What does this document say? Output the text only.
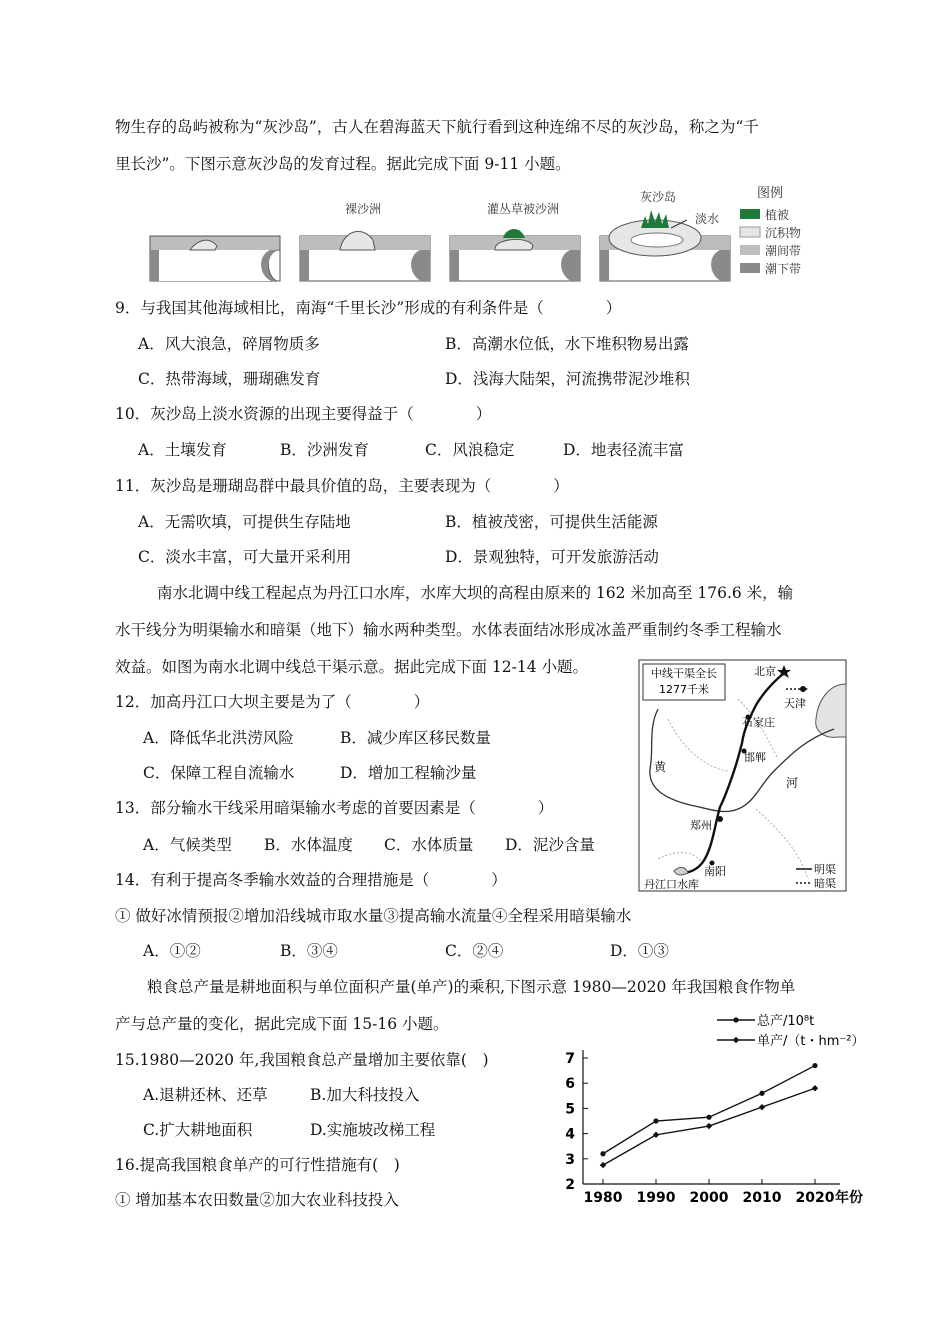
物生存的岛屿被称为“灰沙岛”，古人在碧海蓝天下航行看到这种连绵不尽的灰沙岛，称之为“千
里长沙”。下图示意灰沙岛的发育过程。据此完成下面 9-11 小题。
裸沙洲	灌丛草被沙洲
灰沙岛
淡水
图例
植被
沉积物
潮间带
潮下带
9．与我国其他海域相比，南海“千里长沙”形成的有利条件是（　　　　）
A．风大浪急，碎屑物质多	B．高潮水位低，水下堆积物易出露
C．热带海域，珊瑚礁发育	D．浅海大陆架，河流携带泥沙堆积
10．灰沙岛上淡水资源的出现主要得益于（　　　　）
A．土壤发育	B．沙洲发育	C．风浪稳定	D．地表径流丰富
11．灰沙岛是珊瑚岛群中最具价值的岛，主要表现为（　　　　）
A．无需吹填，可提供生存陆地	B．植被茂密，可提供生活能源
C．淡水丰富，可大量开采利用	D．景观独特，可开发旅游活动
南水北调中线工程起点为丹江口水库，水库大坝的高程由原来的 162 米加高至 176.6 米，输
水干线分为明渠输水和暗渠（地下）输水两种类型。水体表面结冰形成冰盖严重制约冬季工程输水
效益。如图为南水北调中线总干渠示意。据此完成下面 12-14 小题。	中线干渠全长
1277千米
北京
天津
石家庄
邯郸
郑州
南阳
丹江口水库
黄
河
明渠
暗渠
12．加高丹江口大坝主要是为了（　　　　）
A．降低华北洪涝风险	B．减少库区移民数量
C．保障工程自流输水	D．增加工程输沙量
13．部分输水干线采用暗渠输水考虑的首要因素是（　　　　）
A．气候类型 B．水体温度 C．水体质量 D．泥沙含量
14．有利于提高冬季输水效益的合理措施是（　　　　）
① 做好冰情预报②增加沿线城市取水量③提高输水流量④全程采用暗渠输水
A．①②	B．③④	C．②④	D．①③
粮食总产量是耕地面积与单位面积产量(单产)的乘积,下图示意 1980—2020 年我国粮食作物单
产与总产量的变化，据此完成下面 15-16 小题。
15.1980—2020 年,我国粮食总产量增加主要依靠(　)
A.退耕还林、还草	B.加大科技投入
C.扩大耕地面积	D.实施坡改梯工程
16.提高我国粮食单产的可行性措施有(　)
① 增加基本农田数量②加大农业科技投入
2
3
4
5
6
7
1980 1990 2000 2010 2020 年份
总产/10⁸t
单产/（t・hm⁻²）
